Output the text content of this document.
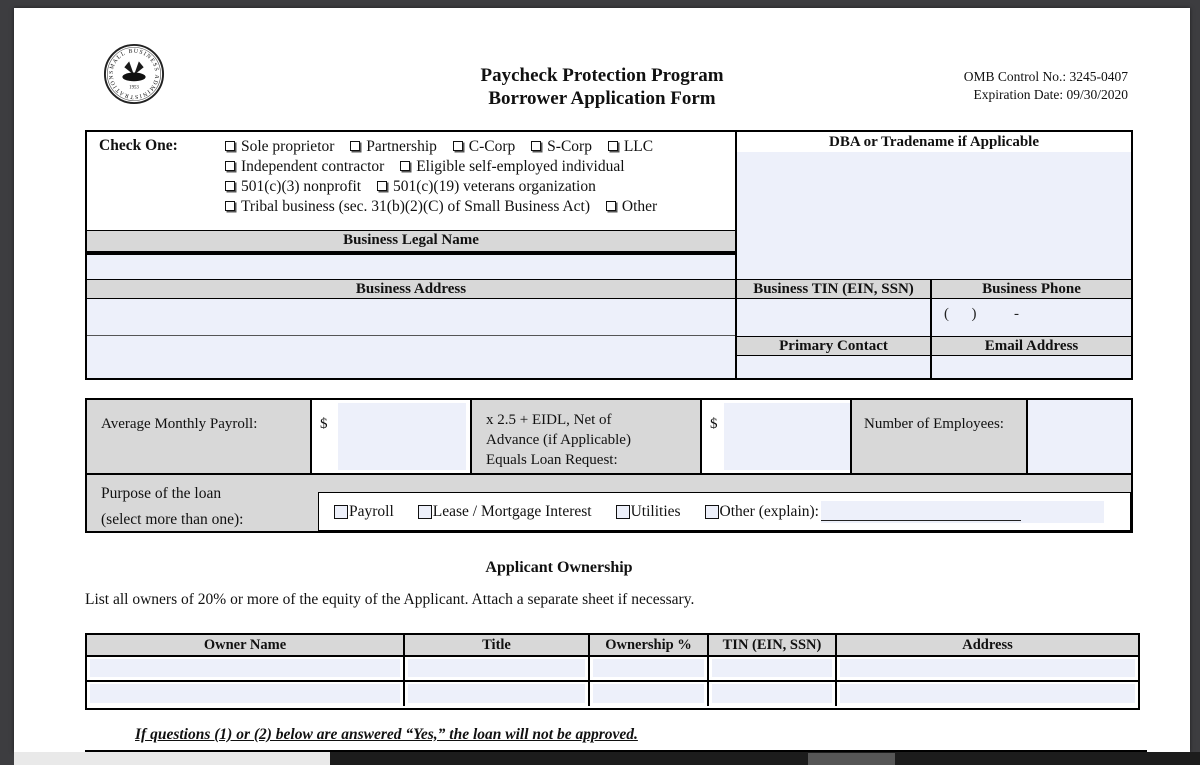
SMALL BUSINESS ADMINISTRATION
1953
Paycheck Protection Program
Borrower Application Form
OMB Control No.: 3245-0407
Expiration Date: 09/30/2020
Check One:	Sole proprietor Partnership C-Corp S-Corp LLC
Independent contractor Eligible self-employed individual
501(c)(3) nonprofit 501(c)(19) veterans organization
Tribal business (sec. 31(b)(2)(C) of Small Business Act) Other
Business Legal Name
Business Address
DBA or Tradename if Applicable
Business TIN (EIN, SSN)	Business Phone
(      )          -
Primary Contact	Email Address
Average Monthly Payroll:	$	x 2.5 + EIDL, Net of
Advance (if Applicable)
Equals Loan Request:
$	Number of Employees:
Purpose of the loan
(select more than one):	Payroll	Lease / Mortgage Interest	Utilities	Other (explain):
Applicant Ownership
List all owners of 20% or more of the equity of the Applicant. Attach a separate sheet if necessary.
Owner Name	Title	Ownership %	TIN (EIN, SSN)	Address
If questions (1) or (2) below are answered “Yes,” the loan will not be approved.
